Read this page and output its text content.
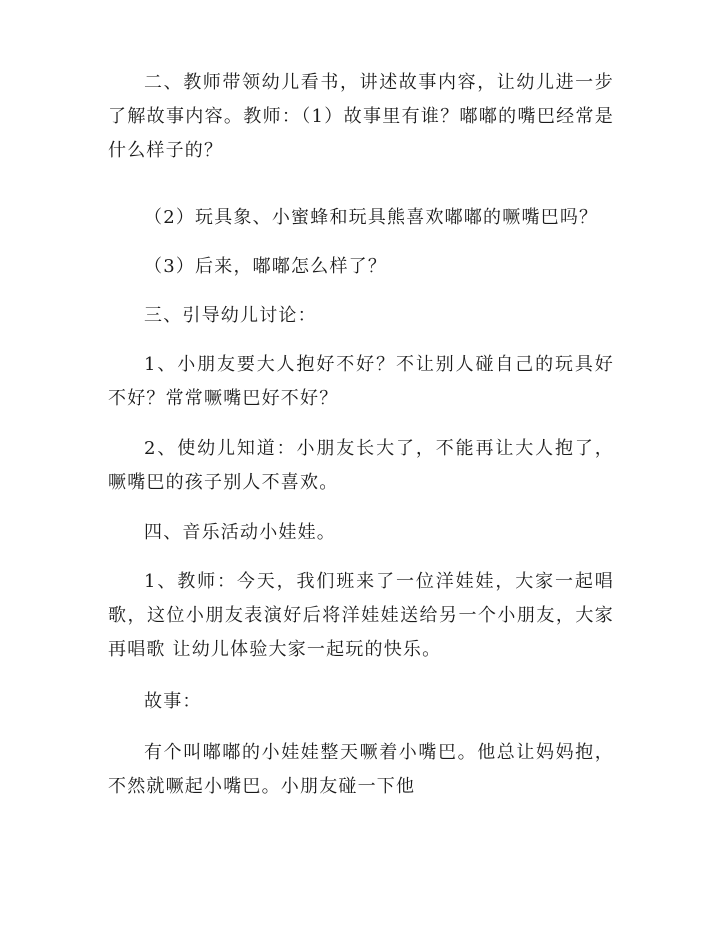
二、教师带领幼儿看书，讲述故事内容，让幼儿进一步了解故事内容。教师：（1）故事里有谁？嘟嘟的嘴巴经常是什么样子的？

（2）玩具象、小蜜蜂和玩具熊喜欢嘟嘟的噘嘴巴吗？

（3）后来，嘟嘟怎么样了？

三、引导幼儿讨论：

1、小朋友要大人抱好不好？不让别人碰自己的玩具好不好？常常噘嘴巴好不好？

2、使幼儿知道：小朋友长大了，不能再让大人抱了，噘嘴巴的孩子别人不喜欢。

四、音乐活动小娃娃。

1、教师：今天，我们班来了一位洋娃娃，大家一起唱歌，这位小朋友表演好后将洋娃娃送给另一个小朋友，大家再唱歌 让幼儿体验大家一起玩的快乐。

故事：

有个叫嘟嘟的小娃娃整天噘着小嘴巴。他总让妈妈抱，不然就噘起小嘴巴。小朋友碰一下他
